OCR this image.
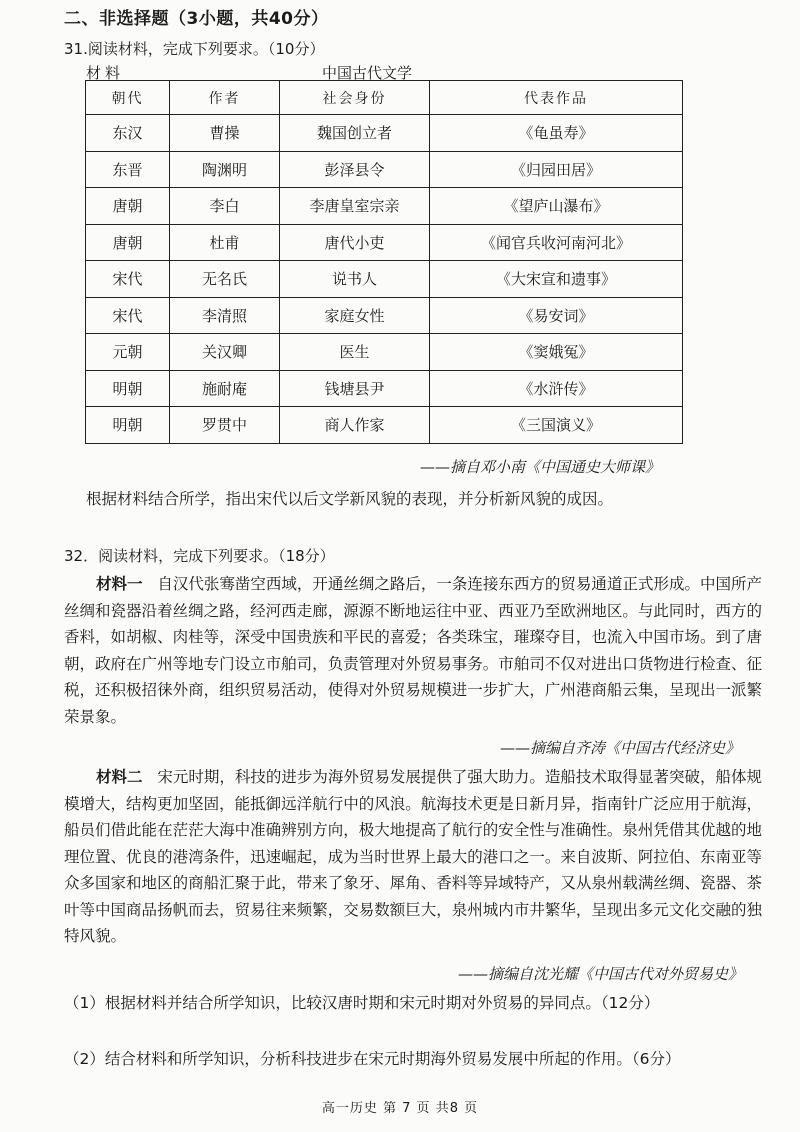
二、非选择题（3小题，共40分）
31.阅读材料，完成下列要求。（10分）
材料	中国古代文学
朝代	作者	社会身份	代表作品
东汉	曹操	魏国创立者	《龟虽寿》
东晋	陶渊明	彭泽县令	《归园田居》
唐朝	李白	李唐皇室宗亲	《望庐山瀑布》
唐朝	杜甫	唐代小吏	《闻官兵收河南河北》
宋代	无名氏	说书人	《大宋宣和遗事》
宋代	李清照	家庭女性	《易安词》
元朝	关汉卿	医生	《窦娥冤》
明朝	施耐庵	钱塘县尹	《水浒传》
明朝	罗贯中	商人作家	《三国演义》
——摘自邓小南《中国通史大师课》
根据材料结合所学，指出宋代以后文学新风貌的表现，并分析新风貌的成因。
32．阅读材料，完成下列要求。（18分）
材料一 自汉代张骞凿空西域，开通丝绸之路后，一条连接东西方的贸易通道正式形成。中国所产丝绸和瓷器沿着丝绸之路，经河西走廊，源源不断地运往中亚、西亚乃至欧洲地区。与此同时，西方的香料，如胡椒、肉桂等，深受中国贵族和平民的喜爱；各类珠宝，璀璨夺目，也流入中国市场。到了唐朝，政府在广州等地专门设立市舶司，负责管理对外贸易事务。市舶司不仅对进出口货物进行检查、征税，还积极招徕外商，组织贸易活动，使得对外贸易规模进一步扩大，广州港商船云集，呈现出一派繁荣景象。
——摘编自齐涛《中国古代经济史》
材料二 宋元时期，科技的进步为海外贸易发展提供了强大助力。造船技术取得显著突破，船体规模增大，结构更加坚固，能抵御远洋航行中的风浪。航海技术更是日新月异，指南针广泛应用于航海，船员们借此能在茫茫大海中准确辨别方向，极大地提高了航行的安全性与准确性。泉州凭借其优越的地理位置、优良的港湾条件，迅速崛起，成为当时世界上最大的港口之一。来自波斯、阿拉伯、东南亚等众多国家和地区的商船汇聚于此，带来了象牙、犀角、香料等异域特产，又从泉州载满丝绸、瓷器、茶叶等中国商品扬帆而去，贸易往来频繁，交易数额巨大，泉州城内市井繁华，呈现出多元文化交融的独特风貌。
——摘编自沈光耀《中国古代对外贸易史》
（1）根据材料并结合所学知识，比较汉唐时期和宋元时期对外贸易的异同点。（12分）
（2）结合材料和所学知识，分析科技进步在宋元时期海外贸易发展中所起的作用。（6分）
高一历史 第 7 页 共8 页
